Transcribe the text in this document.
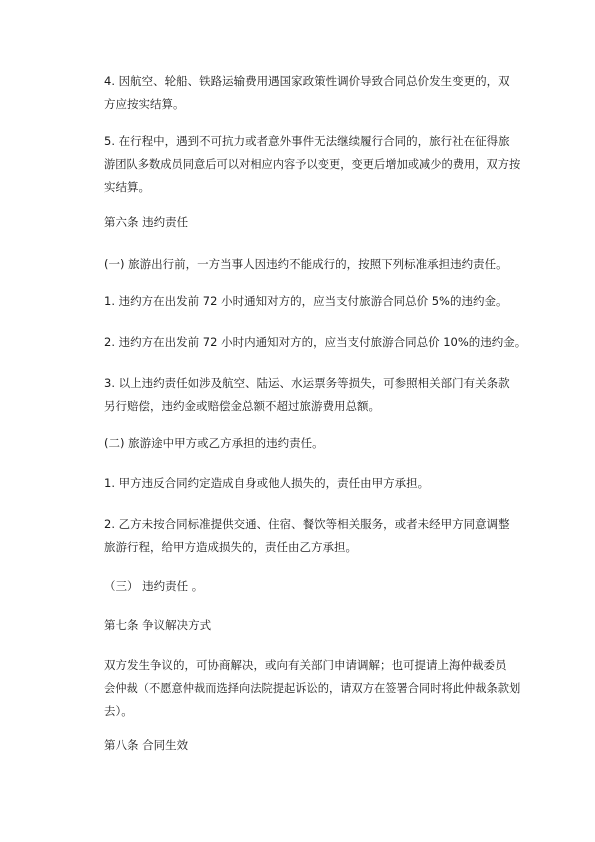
4. 因航空、轮船、铁路运输费用遇国家政策性调价导致合同总价发生变更的，双
方应按实结算。
5. 在行程中，遇到不可抗力或者意外事件无法继续履行合同的，旅行社在征得旅
游团队多数成员同意后可以对相应内容予以变更，变更后增加或减少的费用，双方按
实结算。
第六条 违约责任
(一) 旅游出行前，一方当事人因违约不能成行的，按照下列标准承担违约责任。
1. 违约方在出发前 72 小时通知对方的，应当支付旅游合同总价 5%的违约金。
2. 违约方在出发前 72 小时内通知对方的，应当支付旅游合同总价 10%的违约金。
3. 以上违约责任如涉及航空、陆运、水运票务等损失，可参照相关部门有关条款
另行赔偿，违约金或赔偿金总额不超过旅游费用总额。
(二) 旅游途中甲方或乙方承担的违约责任。
1. 甲方违反合同约定造成自身或他人损失的，责任由甲方承担。
2. 乙方未按合同标准提供交通、住宿、餐饮等相关服务，或者未经甲方同意调整
旅游行程，给甲方造成损失的，责任由乙方承担。
（三） 违约责任 。
第七条 争议解决方式
双方发生争议的，可协商解决，或向有关部门申请调解；也可提请上海仲裁委员
会仲裁（不愿意仲裁而选择向法院提起诉讼的，请双方在签署合同时将此仲裁条款划
去）。
第八条 合同生效
